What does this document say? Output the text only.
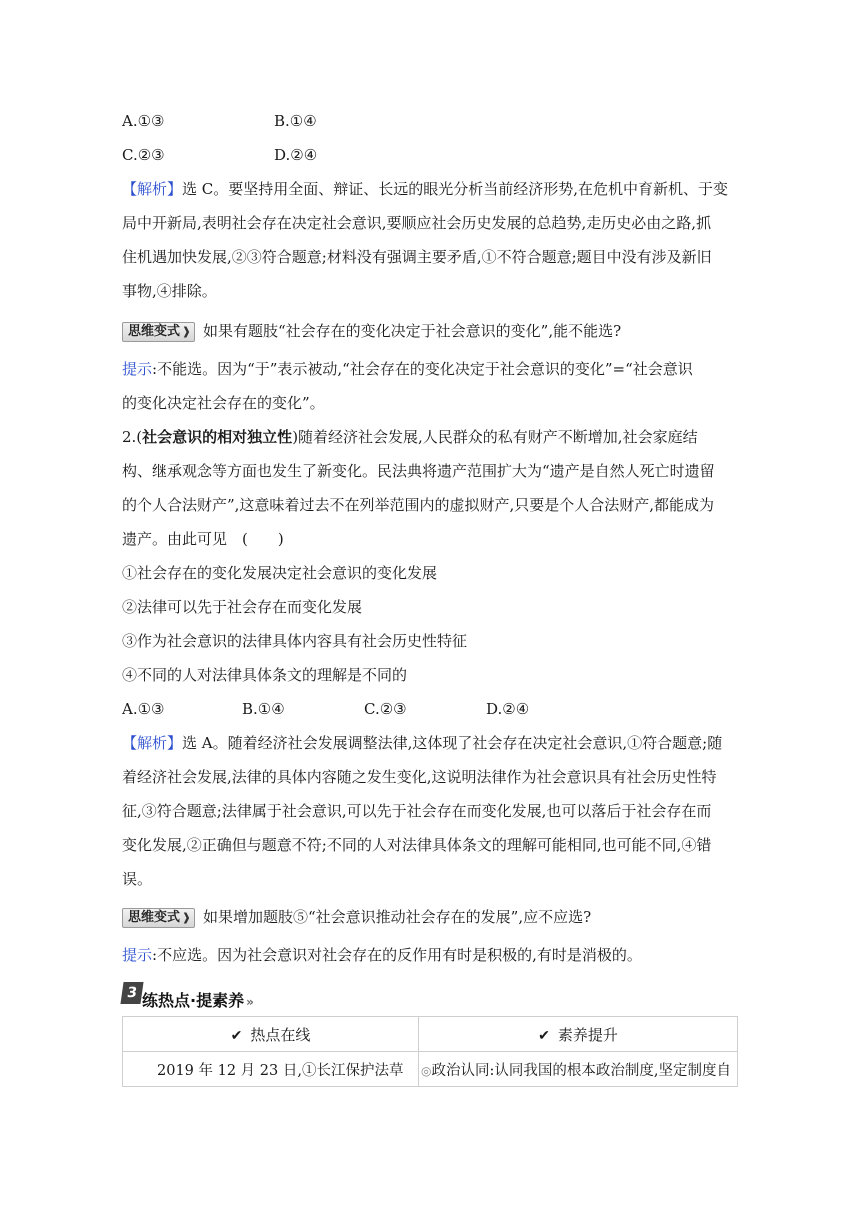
A.①③	B.①④
C.②③	D.②④
【解析】选 C。要坚持用全面、辩证、长远的眼光分析当前经济形势,在危机中育新机、于变
局中开新局,表明社会存在决定社会意识,要顺应社会历史发展的总趋势,走历史必由之路,抓
住机遇加快发展,②③符合题意;材料没有强调主要矛盾,①不符合题意;题目中没有涉及新旧
事物,④排除。
思维变式 ❱ 如果有题肢“社会存在的变化决定于社会意识的变化”,能不能选?
提示:不能选。因为“于”表示被动,“社会存在的变化决定于社会意识的变化”=“社会意识
的变化决定社会存在的变化”。
2.(社会意识的相对独立性)随着经济社会发展,人民群众的私有财产不断增加,社会家庭结
构、继承观念等方面也发生了新变化。民法典将遗产范围扩大为“遗产是自然人死亡时遗留
的个人合法财产”,这意味着过去不在列举范围内的虚拟财产,只要是个人合法财产,都能成为
遗产。由此可见　(　　)
①社会存在的变化发展决定社会意识的变化发展
②法律可以先于社会存在而变化发展
③作为社会意识的法律具体内容具有社会历史性特征
④不同的人对法律具体条文的理解是不同的
A.①③	B.①④	C.②③	D.②④
【解析】选 A。随着经济社会发展调整法律,这体现了社会存在决定社会意识,①符合题意;随
着经济社会发展,法律的具体内容随之发生变化,这说明法律作为社会意识具有社会历史性特
征,③符合题意;法律属于社会意识,可以先于社会存在而变化发展,也可以落后于社会存在而
变化发展,②正确但与题意不符;不同的人对法律具体条文的理解可能相同,也可能不同,④错
误。
思维变式 ❱ 如果增加题肢⑤“社会意识推动社会存在的发展”,应不应选?
提示:不应选。因为社会意识对社会存在的反作用有时是积极的,有时是消极的。
3 练热点·提素养 »
✔ 热点在线	✔ 素养提升
2019 年 12 月 23 日,①长江保护法草	◎政治认同:认同我国的根本政治制度,坚定制度自
